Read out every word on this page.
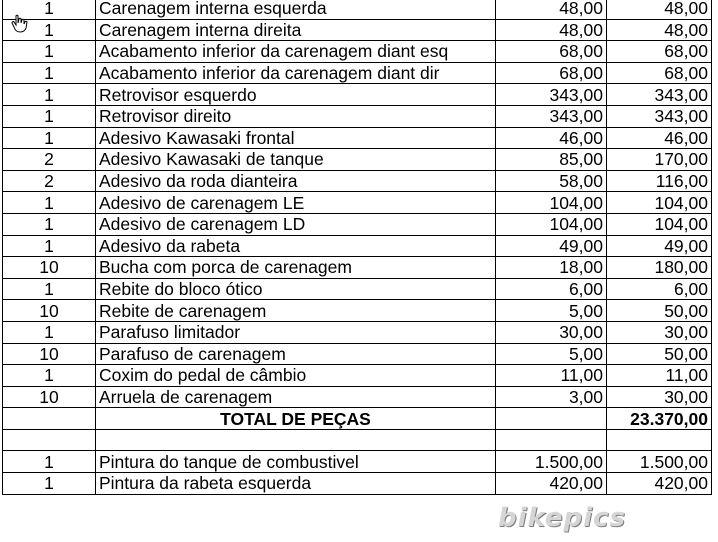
1	Carenagem interna esquerda	48,00	48,00
1	Carenagem interna direita	48,00	48,00
1	Acabamento inferior da carenagem diant esq	68,00	68,00
1	Acabamento inferior da carenagem diant dir	68,00	68,00
1	Retrovisor esquerdo	343,00	343,00
1	Retrovisor direito	343,00	343,00
1	Adesivo Kawasaki frontal	46,00	46,00
2	Adesivo Kawasaki de tanque	85,00	170,00
2	Adesivo da roda dianteira	58,00	116,00
1	Adesivo de carenagem LE	104,00	104,00
1	Adesivo de carenagem LD	104,00	104,00
1	Adesivo da rabeta	49,00	49,00
10	Bucha com porca de carenagem	18,00	180,00
1	Rebite do bloco ótico	6,00	6,00
10	Rebite de carenagem	5,00	50,00
1	Parafuso limitador	30,00	30,00
10	Parafuso de carenagem	5,00	50,00
1	Coxim do pedal de câmbio	11,00	11,00
10	Arruela de carenagem	3,00	30,00
	TOTAL DE PEÇAS		23.370,00

1	Pintura do tanque de combustivel	1.500,00	1.500,00
1	Pintura da rabeta esquerda	420,00	420,00
bikepics
